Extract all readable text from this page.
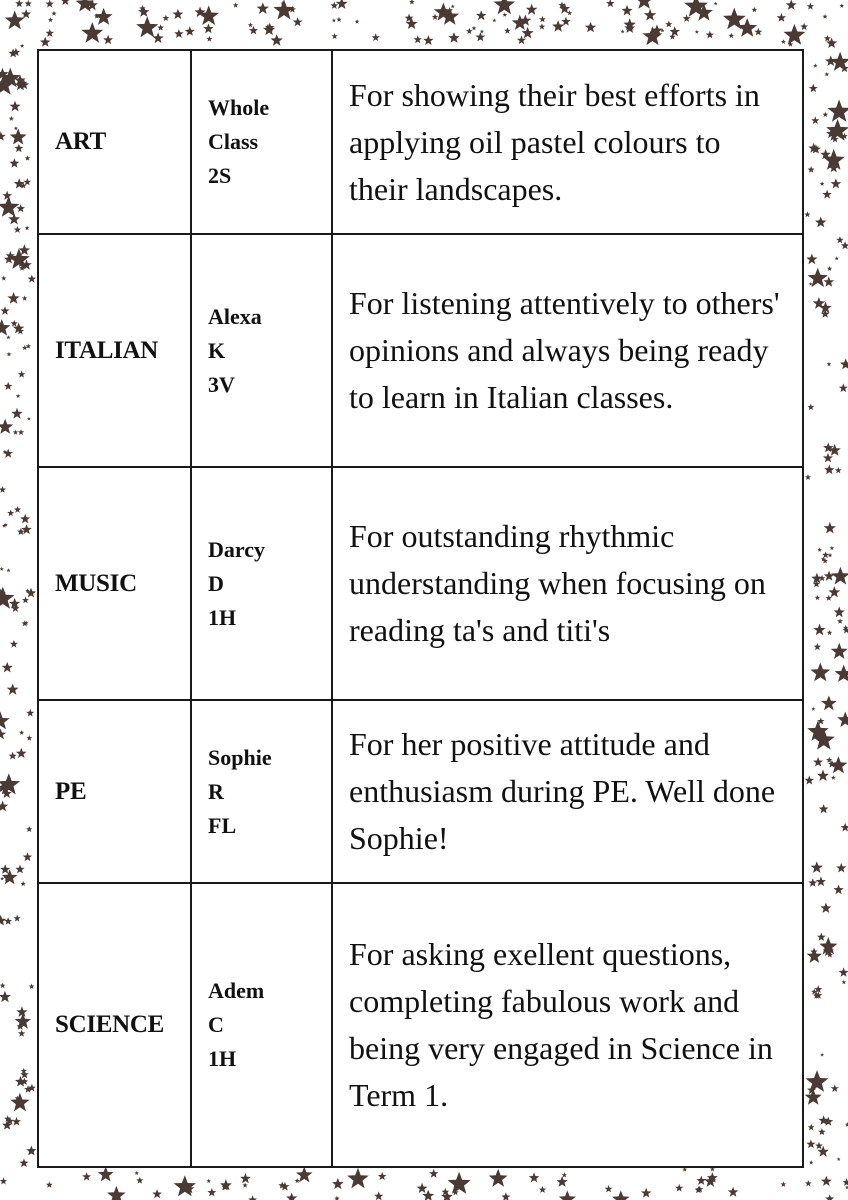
ART	Whole
Class
2S	For showing their best efforts in applying oil pastel colours to their landscapes.
ITALIAN	Alexa
K
3V	For listening attentively to others' opinions and always being ready to learn in Italian classes.
MUSIC	Darcy
D
1H	For outstanding rhythmic understanding when focusing on reading ta's and titi's
PE	Sophie
R
FL	For her positive attitude and enthusiasm during PE. Well done Sophie!
SCIENCE	Adem
C
1H	For asking exellent questions, completing fabulous work and being very engaged in Science in Term 1.
